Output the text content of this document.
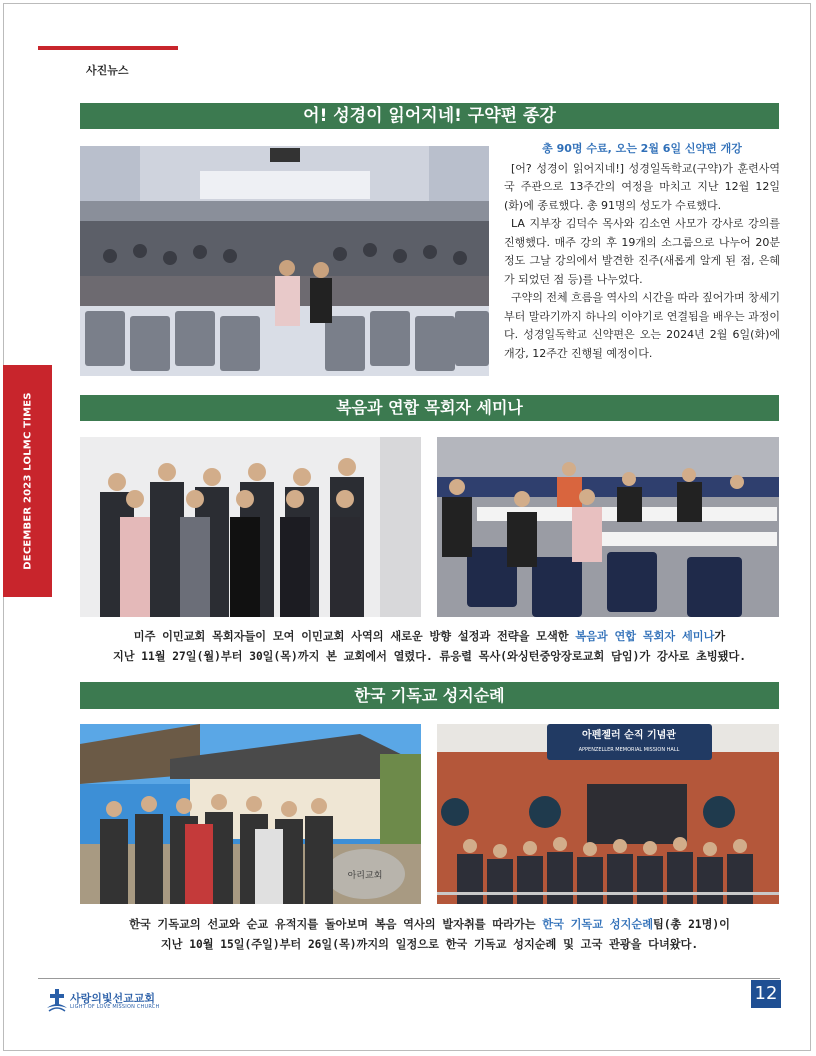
사진뉴스
DECEMBER 2023 LOLMC TIMES
어! 성경이 읽어지네! 구약편 종강
총 90명 수료, 오는 2월 6일 신약편 개강

[어? 성경이 읽어지네!] 성경일독학교(구약)가 훈련사역국 주관으로 13주간의 여정을 마치고 지난 12월 12일(화)에 종료했다. 총 91명의 성도가 수료했다.

LA 지부장 김덕수 목사와 김소연 사모가 강사로 강의를 진행했다. 매주 강의 후 19개의 소그룹으로 나누어 20분 정도 그날 강의에서 발견한 진주(새롭게 알게 된 점, 은혜가 되었던 점 등)를 나누었다.

구약의 전체 흐름을 역사의 시간을 따라 짚어가며 창세기부터 말라기까지 하나의 이야기로 연결됨을 배우는 과정이다. 성경일독학교 신약편은 오는 2024년 2월 6일(화)에 개강, 12주간 진행될 예정이다.

복음과 연합 목회자 세미나
미주 이민교회 목회자들이 모여 이민교회 사역의 새로운 방향 설정과 전략을 모색한 복음과 연합 목회자 세미나가
지난 11월 27일(월)부터 30일(목)까지 본 교회에서 열렸다. 류응렬 목사(와싱턴중앙장로교회 담임)가 강사로 초빙됐다.
한국 기독교 성지순례
아리교회
아펜젤러 순직 기념관
APPENZELLER MEMORIAL MISSION HALL
한국 기독교의 선교와 순교 유적지를 돌아보며 복음 역사의 발자취를 따라가는 한국 기독교 성지순례팀(총 21명)이
지난 10월 15일(주일)부터 26일(목)까지의 일정으로 한국 기독교 성지순례 및 고국 관광을 다녀왔다.
사랑의빛선교교회
LIGHT OF LOVE MISSION CHURCH
12
